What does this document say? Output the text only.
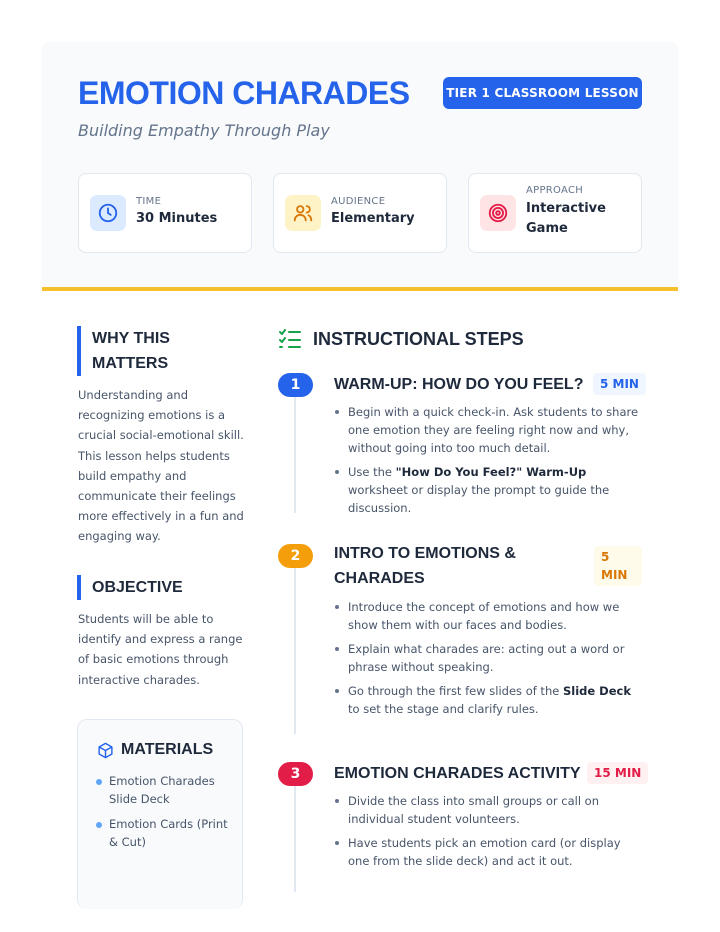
EMOTION CHARADES
Building Empathy Through Play
TIER 1 CLASSROOM LESSON
TIME
30 Minutes
AUDIENCE
Elementary
APPROACH
Interactive Game
WHY THIS MATTERS
Understanding and recognizing emotions is a crucial social-emotional skill. This lesson helps students build empathy and communicate their feelings more effectively in a fun and engaging way.
OBJECTIVE
Students will be able to identify and express a range of basic emotions through interactive charades.
MATERIALS
Emotion Charades Slide Deck
Emotion Cards (Print & Cut)
INSTRUCTIONAL STEPS
1	WARM-UP: HOW DO YOU FEEL?	5 MIN
Begin with a quick check-in. Ask students to share one emotion they are feeling right now and why, without going into too much detail.
Use the "How Do You Feel?" Warm-Up worksheet or display the prompt to guide the discussion.
2	INTRO TO EMOTIONS & CHARADES
5 MIN
Introduce the concept of emotions and how we show them with our faces and bodies.
Explain what charades are: acting out a word or phrase without speaking.
Go through the first few slides of the Slide Deck to set the stage and clarify rules.
3	EMOTION CHARADES ACTIVITY	15 MIN
Divide the class into small groups or call on individual student volunteers.
Have students pick an emotion card (or display one from the slide deck) and act it out.
